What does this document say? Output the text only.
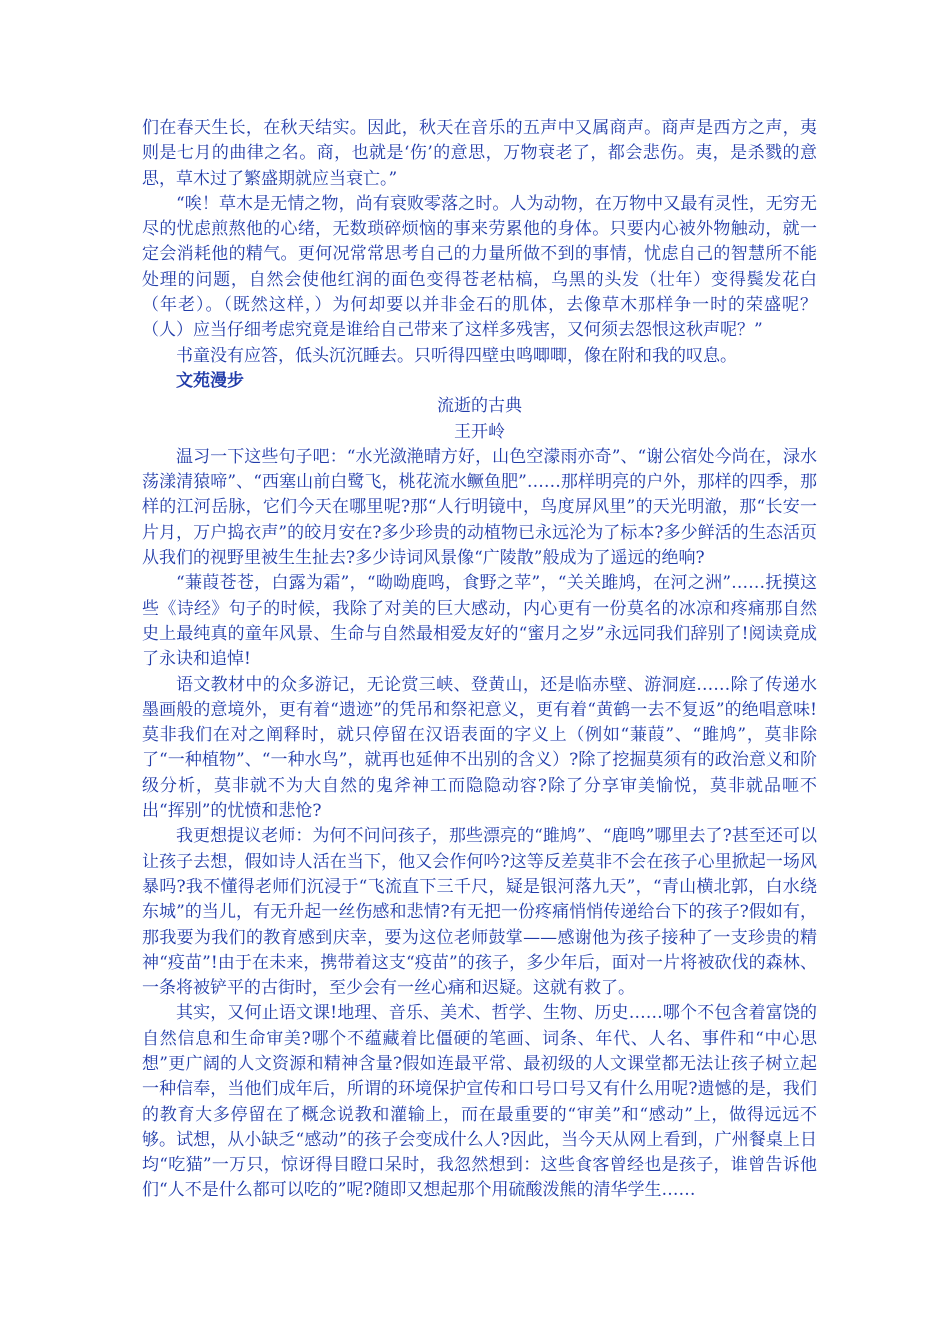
们在春天生长，在秋天结实。因此，秋天在音乐的五声中又属商声。商声是西方之声，夷则是七月的曲律之名。商，也就是‘伤’的意思，万物衰老了，都会悲伤。夷，是杀戮的意思，草木过了繁盛期就应当衰亡。”

“唉！草木是无情之物，尚有衰败零落之时。人为动物，在万物中又最有灵性，无穷无尽的忧虑煎熬他的心绪，无数琐碎烦恼的事来劳累他的身体。只要内心被外物触动，就一定会消耗他的精气。更何况常常思考自己的力量所做不到的事情，忧虑自己的智慧所不能处理的问题，自然会使他红润的面色变得苍老枯槁，乌黑的头发（壮年）变得鬓发花白（年老）。（既然这样，）为何却要以并非金石的肌体，去像草木那样争一时的荣盛呢？（人）应当仔细考虑究竟是谁给自己带来了这样多残害，又何须去怨恨这秋声呢？”

书童没有应答，低头沉沉睡去。只听得四壁虫鸣唧唧，像在附和我的叹息。

文苑漫步

流逝的古典

王开岭

温习一下这些句子吧：“水光潋滟晴方好，山色空濛雨亦奇”、“谢公宿处今尚在，渌水荡漾清猿啼”、“西塞山前白鹭飞，桃花流水鳜鱼肥”……那样明亮的户外，那样的四季，那样的江河岳脉，它们今天在哪里呢?那“人行明镜中，鸟度屏风里”的天光明澈，那“长安一片月，万户捣衣声”的皎月安在?多少珍贵的动植物已永远沦为了标本?多少鲜活的生态活页从我们的视野里被生生扯去?多少诗词风景像“广陵散”般成为了遥远的绝响?

“蒹葭苍苍，白露为霜”，“呦呦鹿鸣，食野之苹”，“关关雎鸠，在河之洲”……抚摸这些《诗经》句子的时候，我除了对美的巨大感动，内心更有一份莫名的冰凉和疼痛那自然史上最纯真的童年风景、生命与自然最相爱友好的“蜜月之岁”永远同我们辞别了!阅读竟成了永诀和追悼!

语文教材中的众多游记，无论赏三峡、登黄山，还是临赤壁、游洞庭……除了传递水墨画般的意境外，更有着“遗迹”的凭吊和祭祀意义，更有着“黄鹤一去不复返”的绝唱意味!莫非我们在对之阐释时，就只停留在汉语表面的字义上（例如“蒹葭”、“雎鸠”，莫非除了“一种植物”、“一种水鸟”，就再也延伸不出别的含义）?除了挖掘莫须有的政治意义和阶级分析，莫非就不为大自然的鬼斧神工而隐隐动容?除了分享审美愉悦，莫非就品咂不出“挥别”的忧愤和悲怆?

我更想提议老师：为何不问问孩子，那些漂亮的“雎鸠”、“鹿鸣”哪里去了?甚至还可以让孩子去想，假如诗人活在当下，他又会作何吟?这等反差莫非不会在孩子心里掀起一场风暴吗?我不懂得老师们沉浸于“飞流直下三千尺，疑是银河落九天”，“青山横北郭，白水绕东城”的当儿，有无升起一丝伤感和悲情?有无把一份疼痛悄悄传递给台下的孩子?假如有，那我要为我们的教育感到庆幸，要为这位老师鼓掌——感谢他为孩子接种了一支珍贵的精神“疫苗”!由于在未来，携带着这支“疫苗”的孩子，多少年后，面对一片将被砍伐的森林、一条将被铲平的古街时，至少会有一丝心痛和迟疑。这就有救了。

其实，又何止语文课!地理、音乐、美术、哲学、生物、历史……哪个不包含着富饶的自然信息和生命审美?哪个不蕴藏着比僵硬的笔画、词条、年代、人名、事件和“中心思想”更广阔的人文资源和精神含量?假如连最平常、最初级的人文课堂都无法让孩子树立起一种信奉，当他们成年后，所谓的环境保护宣传和口号口号又有什么用呢?遗憾的是，我们的教育大多停留在了概念说教和灌输上，而在最重要的“审美”和“感动”上，做得远远不够。试想，从小缺乏“感动”的孩子会变成什么人?因此，当今天从网上看到，广州餐桌上日均“吃猫”一万只，惊讶得目瞪口呆时，我忽然想到：这些食客曾经也是孩子，谁曾告诉他们“人不是什么都可以吃的”呢?随即又想起那个用硫酸泼熊的清华学生……
